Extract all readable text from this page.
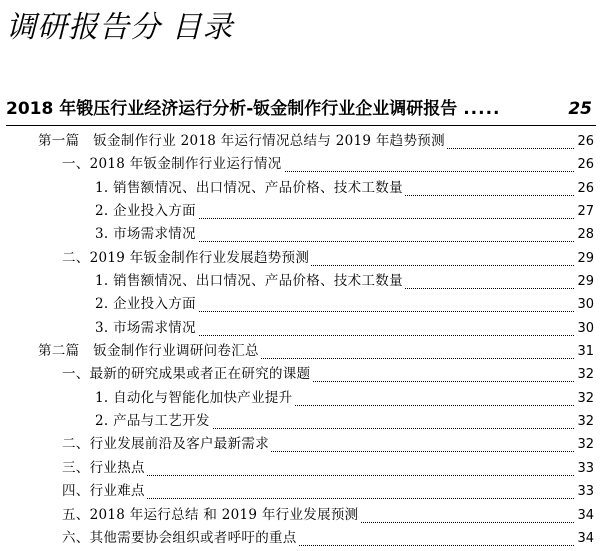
调研报告分 目录
2018 年锻压行业经济运行分析-钣金制作行业企业调研报告 .....	25
第一篇　钣金制作行业 2018 年运行情况总结与 2019 年趋势预测	26
一、2018 年钣金制作行业运行情况	26
1. 销售额情况、出口情况、产品价格、技术工数量	26
2. 企业投入方面	27
3. 市场需求情况	28
二、2019 年钣金制作行业发展趋势预测	29
1. 销售额情况、出口情况、产品价格、技术工数量	29
2. 企业投入方面	30
3. 市场需求情况	30
第二篇　钣金制作行业调研问卷汇总	31
一、最新的研究成果或者正在研究的课题	32
1. 自动化与智能化加快产业提升	32
2. 产品与工艺开发	32
二、行业发展前沿及客户最新需求	32
三、行业热点	33
四、行业难点	33
五、2018 年运行总结 和 2019 年行业发展预测	34
六、其他需要协会组织或者呼吁的重点	34
